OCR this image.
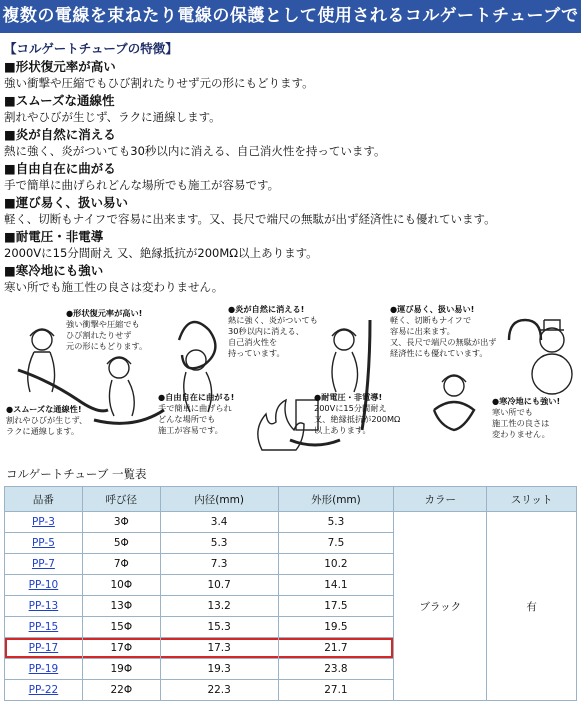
複数の電線を束ねたり電線の保護として使用されるコルゲートチューブです。
【コルゲートチューブの特徴】
■形状復元率が高い
強い衝撃や圧縮でもひび割れたりせず元の形にもどります。
■スムーズな通線性
割れやひびが生じず、ラクに通線します。
■炎が自然に消える
熱に強く、炎がついても30秒以内に消える、自己消火性を持っています。
■自由自在に曲がる
手で簡単に曲げられどんな場所でも施工が容易です。
■運び易く、扱い易い
軽く、切断もナイフで容易に出来ます。又、長尺で端尺の無駄が出ず経済性にも優れています。
■耐電圧・非電導
2000Vに15分間耐え 又、絶縁抵抗が200MΩ以上あります。
■寒冷地にも強い
寒い所でも施工性の良さは変わりません。
●形状復元率が高い!
強い衝撃や圧縮でも
ひび割れたりせず
元の形にもどります。
●スムーズな通線性!
割れやひびが生じず、
ラクに通線します。
●炎が自然に消える!
熱に強く、炎がついても
30秒以内に消える、
自己消火性を
持っています。
●自由自在に曲がる!
手で簡単に曲げられ
どんな場所でも
施工が容易です。
●耐電圧・非電導!
200Vに15分間耐え
又、絶縁抵抗が200MΩ
以上あります。
●運び易く、扱い易い!
軽く、切断もナイフで
容易に出来ます。
又、長尺で端尺の無駄が出ず
経済性にも優れています。
●寒冷地にも強い!
寒い所でも
施工性の良さは
変わりません。
コルゲートチューブ 一覧表
品番	呼び径	内径(mm)	外形(mm)	カラー	スリット
PP-3	3Φ	3.4	5.3	ブラック	有
PP-5	5Φ	5.3	7.5		
PP-7	7Φ	7.3	10.2		
PP-10	10Φ	10.7	14.1		
PP-13	13Φ	13.2	17.5		
PP-15	15Φ	15.3	19.5		
PP-17	17Φ	17.3	21.7		
PP-19	19Φ	19.3	23.8		
PP-22	22Φ	22.3	27.1		
